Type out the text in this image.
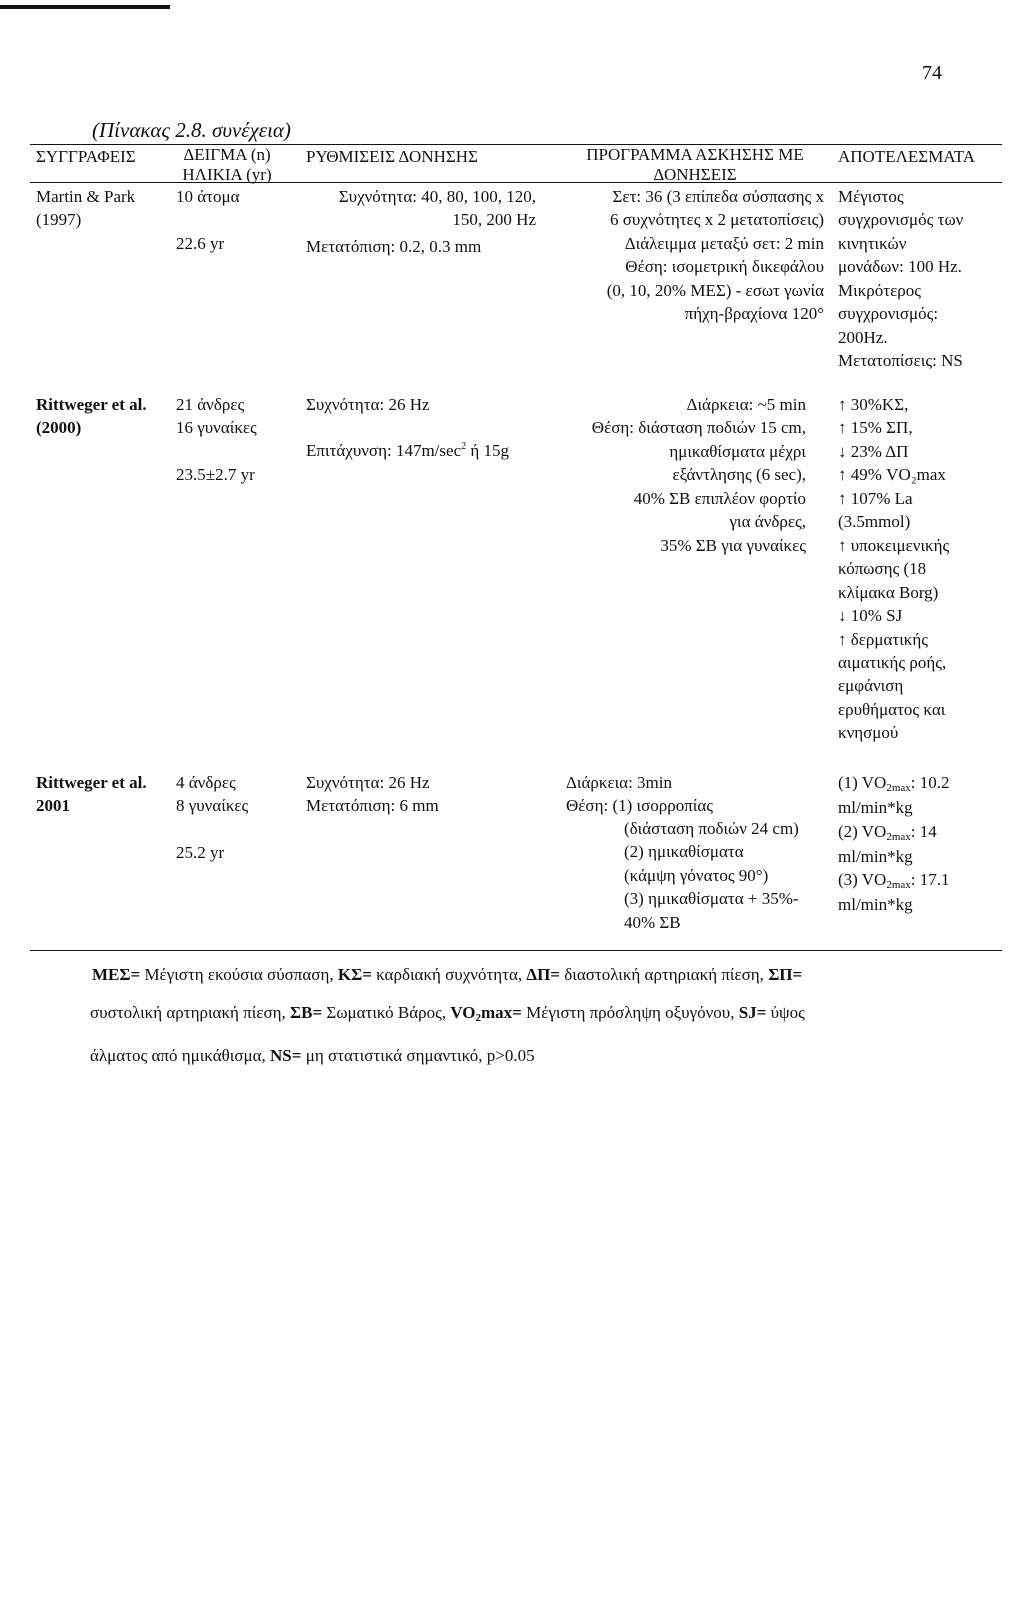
74
(Πίνακας 2.8. συνέχεια)
ΣΥΓΓΡΑΦΕΙΣ	ΔΕΙΓΜΑ (n)
ΗΛΙΚΙΑ (yr)
ΡΥΘΜΙΣΕΙΣ ΔΟΝΗΣΗΣ	ΠΡΟΓΡΑΜΜΑ ΑΣΚΗΣΗΣ ΜΕ
ΔΟΝΗΣΕΙΣ
ΑΠΟΤΕΛΕΣΜΑΤΑ
Martin & Park
(1997)
10 άτομα

22.6 yr
Συχνότητα: 40, 80, 100, 120,
150, 200 Hz
Μετατόπιση: 0.2, 0.3 mm
Σετ: 36 (3 επίπεδα σύσπασης x
6 συχνότητες x 2 μετατοπίσεις)
Διάλειμμα μεταξύ σετ: 2 min
Θέση: ισομετρική δικεφάλου
(0, 10, 20% ΜΕΣ) - εσωτ γωνία
πήχη-βραχίονα 120°
Μέγιστος
συγχρονισμός των
κινητικών
μονάδων: 100 Hz.
Μικρότερος
συγχρονισμός:
200Hz.
Μετατοπίσεις: NS
Rittweger et al.
(2000)
21 άνδρες
16 γυναίκες

23.5±2.7 yr
Συχνότητα: 26 Hz

Επιτάχυνση: $147m/\sec^2$ ή 15g

Διάρκεια: ~5 min
Θέση: διάσταση ποδιών 15 cm,
ημικαθίσματα μέχρι
εξάντλησης (6 sec),
40% ΣΒ επιπλέον φορτίο
για άνδρες,
35% ΣΒ για γυναίκες
↑ 30%ΚΣ,
↑ 15% ΣΠ,
↓ 23% ΔΠ
↑ 49% VO₂max
↑ 107% La
(3.5mmol)
↑ υποκειμενικής
κόπωσης (18
κλίμακα Borg)
↓ 10% SJ
↑ δερματικής
αιματικής ροής,
εμφάνιση
ερυθήματος και
κνησμού
Rittweger et al.
2001
4 άνδρες
8 γυναίκες

25.2 yr
Συχνότητα: 26 Hz
Μετατόπιση: 6 mm
Διάρκεια: 3min
Θέση: (1) ισορροπίας
(διάσταση ποδιών 24 cm)
(2) ημικαθίσματα
(κάμψη γόνατος 90°)
(3) ημικαθίσματα + 35%-
40% ΣΒ
(1) $VO_{2max}$: 10.2
ml/min*kg
(2) $VO_{2max}$: 14
ml/min*kg
(3) $VO_{2max}$: 17.1
ml/min*kg
ΜΕΣ= Μέγιστη εκούσια σύσπαση, ΚΣ= καρδιακή συχνότητα, ΔΠ= διαστολική αρτηριακή πίεση, ΣΠ=
συστολική αρτηριακή πίεση, ΣΒ= Σωματικό Βάρος, $VO_2\max= Mέ\gamma\iota\sigma\tau\eta$ πρόσληψη οξυγόνου, SJ= ύψος
άλματος από ημικάθισμα, NS= μη στατιστικά σημαντικό, p>0.05
